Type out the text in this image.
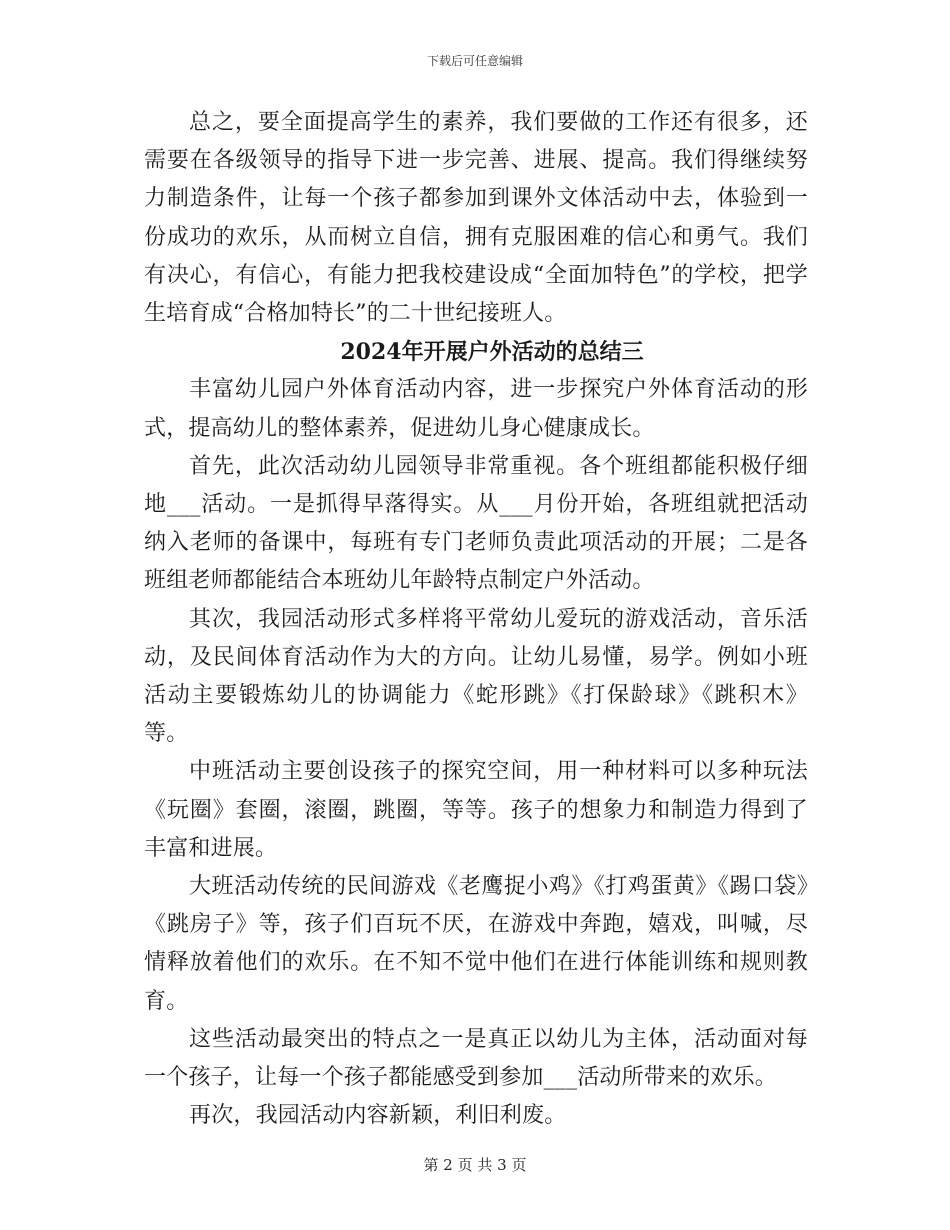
下载后可任意编辑

总之，要全面提高学生的素养，我们要做的工作还有很多，还需要在各级领导的指导下进一步完善、进展、提高。我们得继续努力制造条件，让每一个孩子都参加到课外文体活动中去，体验到一份成功的欢乐，从而树立自信，拥有克服困难的信心和勇气。我们有决心，有信心，有能力把我校建设成“全面加特色”的学校，把学生培育成“合格加特长”的二十世纪接班人。

2024年开展户外活动的总结三

丰富幼儿园户外体育活动内容，进一步探究户外体育活动的形式，提高幼儿的整体素养，促进幼儿身心健康成长。

首先，此次活动幼儿园领导非常重视。各个班组都能积极仔细地___活动。一是抓得早落得实。从___月份开始，各班组就把活动纳入老师的备课中，每班有专门老师负责此项活动的开展；二是各班组老师都能结合本班幼儿年龄特点制定户外活动。

其次，我园活动形式多样将平常幼儿爱玩的游戏活动，音乐活动，及民间体育活动作为大的方向。让幼儿易懂，易学。例如小班活动主要锻炼幼儿的协调能力《蛇形跳》《打保龄球》《跳积木》等。

中班活动主要创设孩子的探究空间，用一种材料可以多种玩法《玩圈》套圈，滚圈，跳圈，等等。孩子的想象力和制造力得到了丰富和进展。

大班活动传统的民间游戏《老鹰捉小鸡》《打鸡蛋黄》《踢口袋》《跳房子》等，孩子们百玩不厌，在游戏中奔跑，嬉戏，叫喊，尽情释放着他们的欢乐。在不知不觉中他们在进行体能训练和规则教育。

这些活动最突出的特点之一是真正以幼儿为主体，活动面对每一个孩子，让每一个孩子都能感受到参加___活动所带来的欢乐。

再次，我园活动内容新颖，利旧利废。

第 2 页 共 3 页
